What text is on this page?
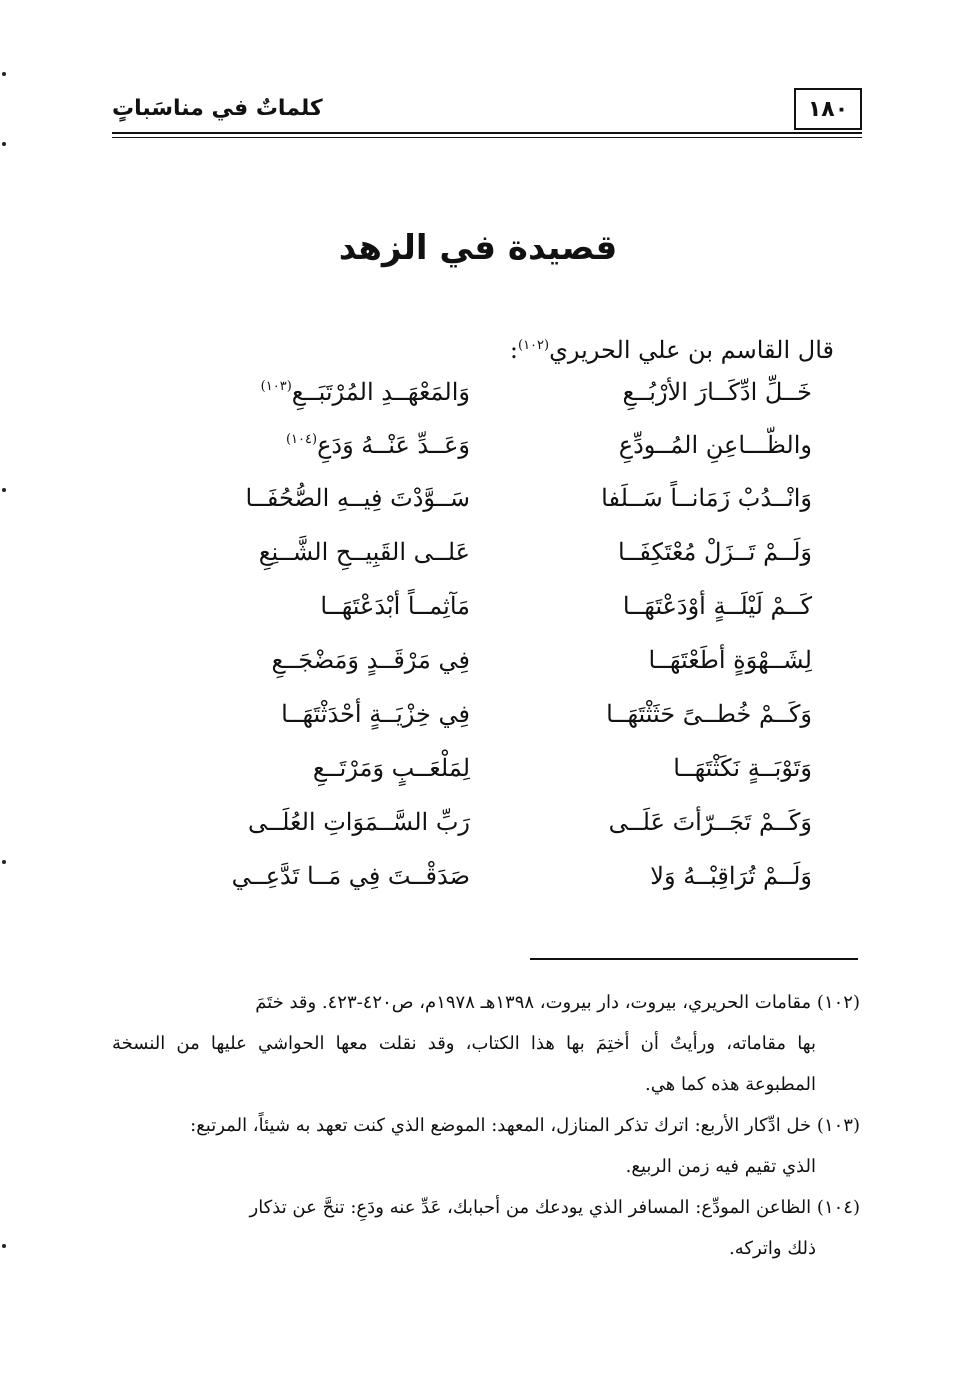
١٨٠
كلماتٌ في مناسَباتٍ
قصيدة في الزهد
قال القاسم بن علي الحريري$^{(١٠٢)}$:
خَــلِّ ادِّكَــارَ الأرْبُــعِ
وَالمَعْهَــدِ المُرْتَبَــعِ$^{(١٠٣)}$
والظّـــاعِنِ المُــودِّعِ
وَعَــدِّ عَنْــهُ وَدَعِ$^{(١٠٤)}$
وَانْــدُبْ زَمَانــاً سَــلَفا
سَــوَّدْتَ فِيــهِ الصُّحُفَــا
وَلَــمْ تَــزَلْ مُعْتَكِفَــا
عَلــى القَبِيــحِ الشَّــنِعِ
كَــمْ لَيْلَــةٍ أوْدَعْتَهَــا
مَآثِمــاً أبْدَعْتَهَــا
لِشَــهْوَةٍ أطَعْتَهَــا
فِي مَرْقَــدٍ وَمَضْجَــعِ
وَكَــمْ خُطــىً حَثَثْتَهَــا
فِي خِزْيَــةٍ أحْدَثْتَهَــا
وَتَوْبَــةٍ نَكَثْتَهَــا
لِمَلْعَــبٍ وَمَرْتَــعِ
وَكَــمْ تَجَــرّأتَ عَلَــى
رَبِّ السَّــمَوَاتِ العُلَــى
وَلَــمْ تُرَاقِبْــهُ وَلا
صَدَقْــتَ فِي مَــا تَدَّعِــي

(١٠٢) مقامات الحريري، بيروت، دار بيروت، ١٣٩٨هـ ١٩٧٨م، ص٤٢٠-٤٢٣. وقد ختَمَ
بها مقاماته، ورأيتُ أن أختِمَ بها هذا الكتاب، وقد نقلت معها الحواشي عليها من النسخة المطبوعة هذه كما هي.

(١٠٣) خل ادِّكار الأربع: اترك تذكر المنازل، المعهد: الموضع الذي كنت تعهد به شيئاً، المرتبع:
الذي تقيم فيه زمن الربيع.

(١٠٤) الظاعن المودِّع: المسافر الذي يودعك من أحبابك، عَدِّ عنه ودَعِ: تنحَّ عن تذكار
ذلك واتركه.
